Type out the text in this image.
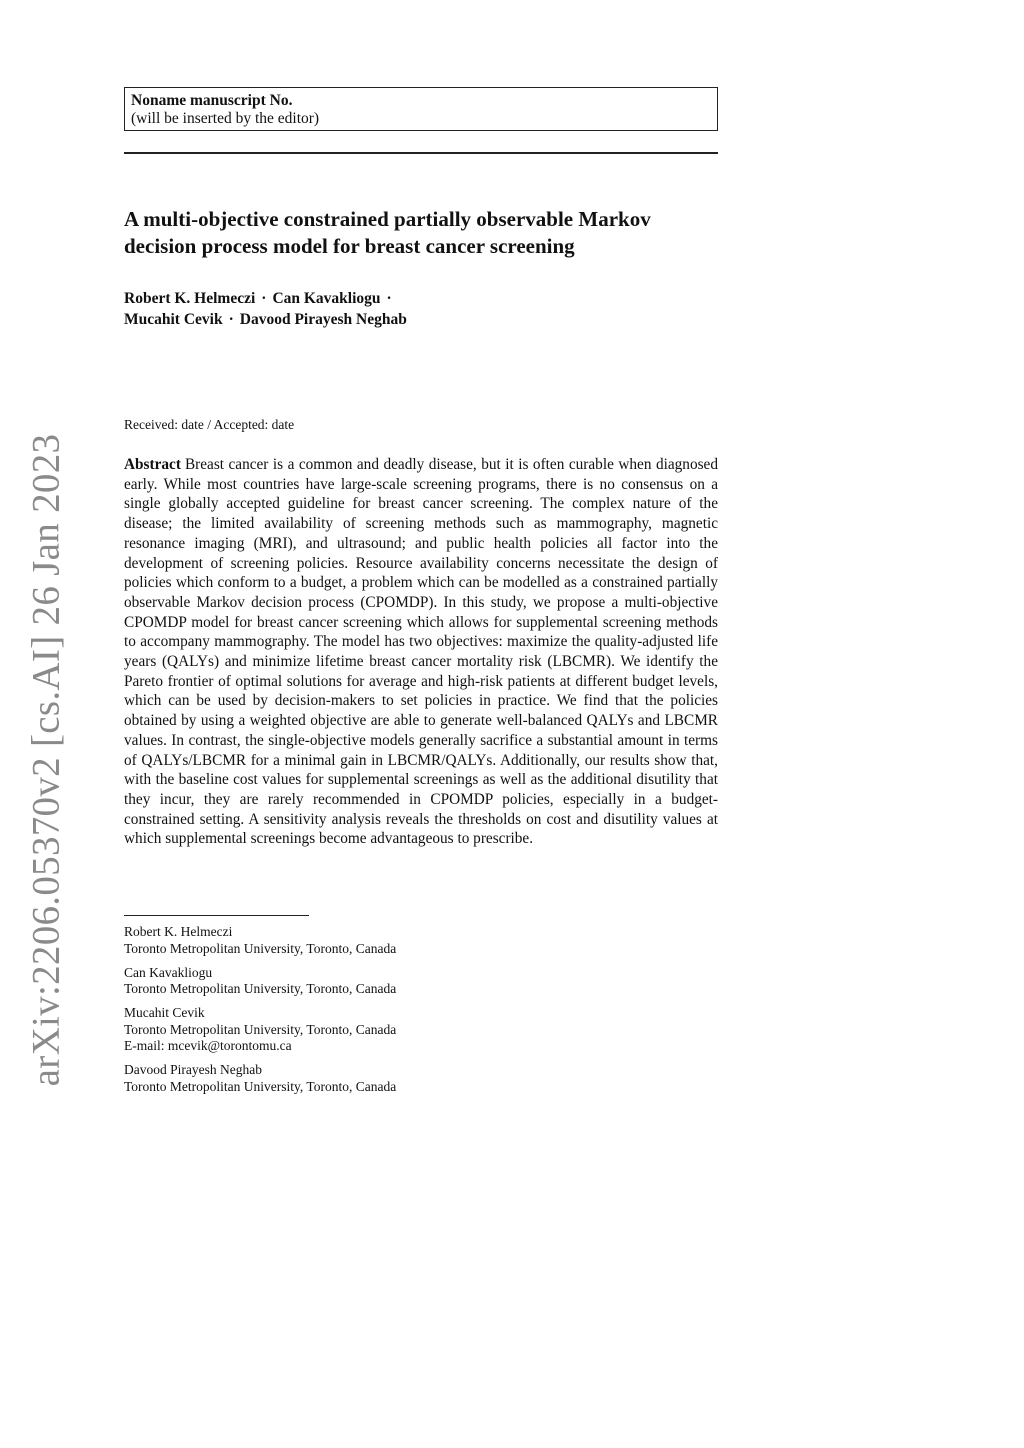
arXiv:2206.05370v2 [cs.AI] 26 Jan 2023
Noname manuscript No.
(will be inserted by the editor)
A multi-objective constrained partially observable Markov decision process model for breast cancer screening
Robert K. Helmeczi · Can Kavakliogu ·
Mucahit Cevik · Davood Pirayesh Neghab
Received: date / Accepted: date

Abstract Breast cancer is a common and deadly disease, but it is often curable when diagnosed early. While most countries have large-scale screening programs, there is no consensus on a single globally accepted guideline for breast cancer screening. The complex nature of the disease; the limited availability of screening methods such as mammography, magnetic resonance imaging (MRI), and ultrasound; and public health policies all factor into the development of screening policies. Resource availability concerns necessitate the design of policies which conform to a budget, a problem which can be modelled as a constrained partially observable Markov decision process (CPOMDP). In this study, we propose a multi-objective CPOMDP model for breast cancer screening which allows for supplemental screening methods to accompany mammography. The model has two objectives: maximize the quality-adjusted life years (QALYs) and minimize lifetime breast cancer mortality risk (LBCMR). We identify the Pareto frontier of optimal solutions for average and high-risk patients at different budget levels, which can be used by decision-makers to set policies in practice. We find that the policies obtained by using a weighted objective are able to generate well-balanced QALYs and LBCMR values. In contrast, the single-objective models generally sacrifice a substantial amount in terms of QALYs/LBCMR for a minimal gain in LBCMR/QALYs. Additionally, our results show that, with the baseline cost values for supplemental screenings as well as the additional disutility that they incur, they are rarely recommended in CPOMDP policies, especially in a budget-constrained setting. A sensitivity analysis reveals the thresholds on cost and disutility values at which supplemental screenings become advantageous to prescribe.

Robert K. Helmeczi
Toronto Metropolitan University, Toronto, Canada
Can Kavakliogu
Toronto Metropolitan University, Toronto, Canada
Mucahit Cevik
Toronto Metropolitan University, Toronto, Canada
E-mail: mcevik@torontomu.ca
Davood Pirayesh Neghab
Toronto Metropolitan University, Toronto, Canada
